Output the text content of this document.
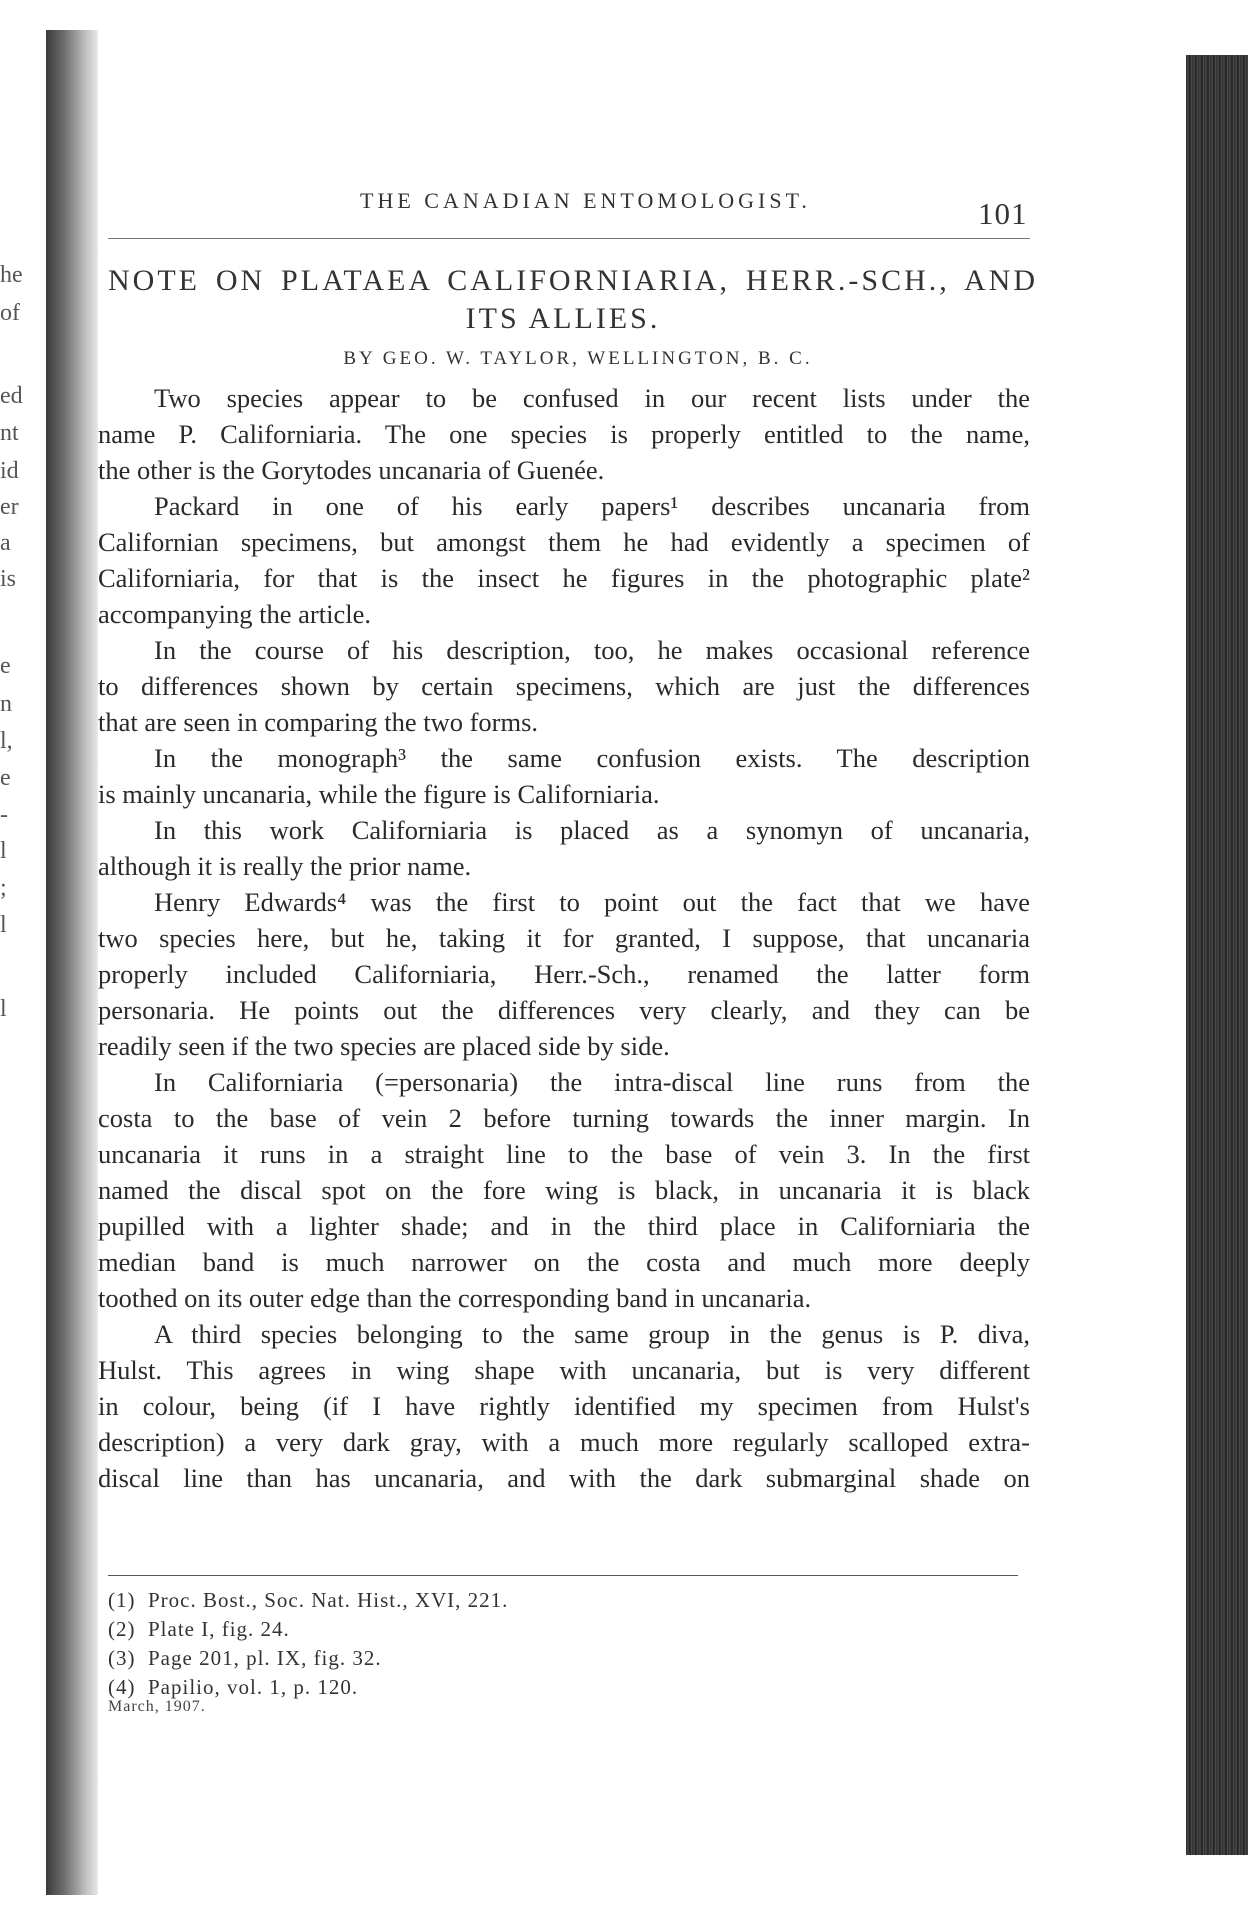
he
of
ed
nt
id
er
a
is
e
n
l,
e
-
l
;
l
l
THE CANADIAN ENTOMOLOGIST.	101
NOTE ON PLATAEA CALIFORNIARIA, HERR.-SCH., AND
ITS ALLIES.
BY GEO. W. TAYLOR, WELLINGTON, B. C.
Two species appear to be confused in our recent lists under the
name P. Californiaria. The one species is properly entitled to the name,
the other is the Gorytodes uncanaria of Guenée.
Packard in one of his early papers¹ describes uncanaria from
Californian specimens, but amongst them he had evidently a specimen of
Californiaria, for that is the insect he figures in the photographic plate²
accompanying the article.
In the course of his description, too, he makes occasional reference
to differences shown by certain specimens, which are just the differences
that are seen in comparing the two forms.
In the monograph³ the same confusion exists. The description
is mainly uncanaria, while the figure is Californiaria.
In this work Californiaria is placed as a synomyn of uncanaria,
although it is really the prior name.
Henry Edwards⁴ was the first to point out the fact that we have
two species here, but he, taking it for granted, I suppose, that uncanaria
properly included Californiaria, Herr.-Sch., renamed the latter form
personaria. He points out the differences very clearly, and they can be
readily seen if the two species are placed side by side.
In Californiaria (=personaria) the intra-discal line runs from the
costa to the base of vein 2 before turning towards the inner margin. In
uncanaria it runs in a straight line to the base of vein 3. In the first
named the discal spot on the fore wing is black, in uncanaria it is black
pupilled with a lighter shade; and in the third place in Californiaria the
median band is much narrower on the costa and much more deeply
toothed on its outer edge than the corresponding band in uncanaria.
A third species belonging to the same group in the genus is P. diva,
Hulst. This agrees in wing shape with uncanaria, but is very different
in colour, being (if I have rightly identified my specimen from Hulst's
description) a very dark gray, with a much more regularly scalloped extra-
discal line than has uncanaria, and with the dark submarginal shade on
(1) Proc. Bost., Soc. Nat. Hist., XVI, 221.
(2) Plate I, fig. 24.
(3) Page 201, pl. IX, fig. 32.
(4) Papilio, vol. 1, p. 120.
March, 1907.
